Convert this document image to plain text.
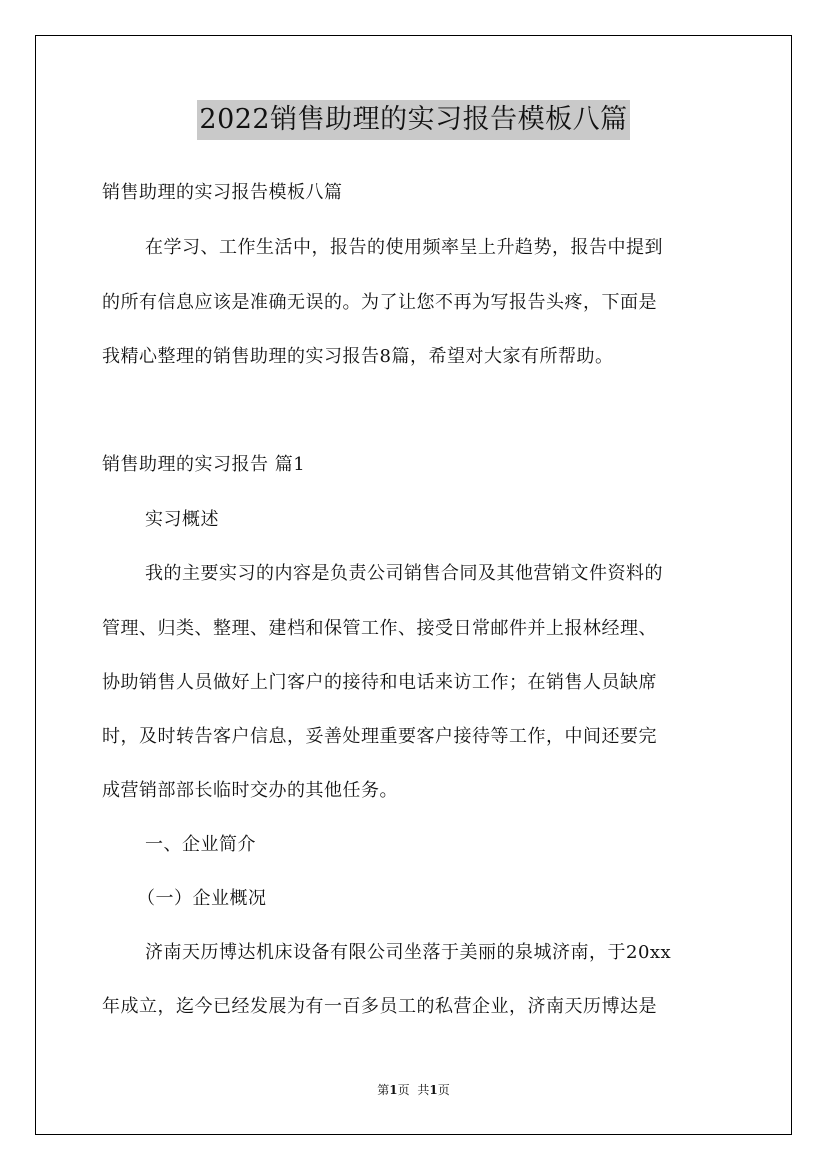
2022销售助理的实习报告模板八篇
销售助理的实习报告模板八篇
在学习、工作生活中，报告的使用频率呈上升趋势，报告中提到
的所有信息应该是准确无误的。为了让您不再为写报告头疼，下面是
我精心整理的销售助理的实习报告8篇，希望对大家有所帮助。
销售助理的实习报告 篇1
实习概述
我的主要实习的内容是负责公司销售合同及其他营销文件资料的
管理、归类、整理、建档和保管工作、接受日常邮件并上报林经理、
协助销售人员做好上门客户的接待和电话来访工作；在销售人员缺席
时，及时转告客户信息，妥善处理重要客户接待等工作，中间还要完
成营销部部长临时交办的其他任务。
一、企业简介
（一）企业概况
济南天历博达机床设备有限公司坐落于美丽的泉城济南，于20xx
年成立，迄今已经发展为有一百多员工的私营企业，济南天历博达是
第1页 共1页
